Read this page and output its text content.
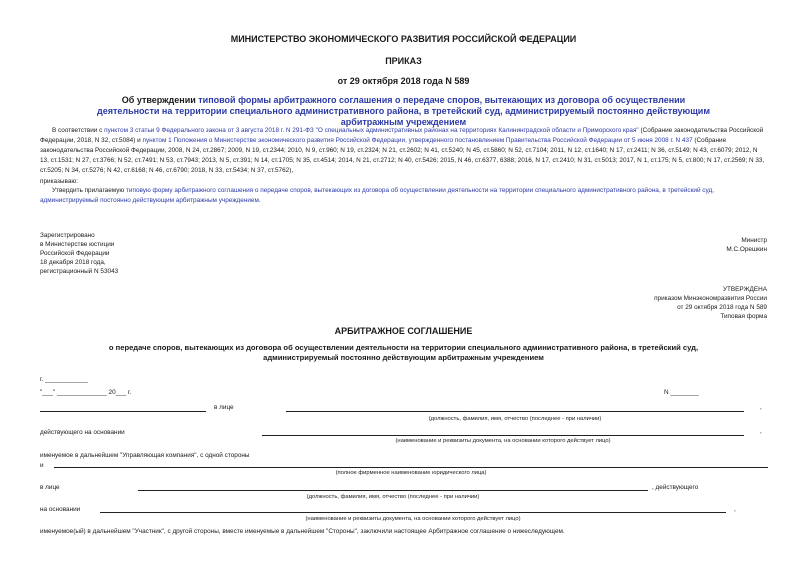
МИНИСТЕРСТВО ЭКОНОМИЧЕСКОГО РАЗВИТИЯ РОССИЙСКОЙ ФЕДЕРАЦИИ
ПРИКАЗ
от 29 октября 2018 года N 589
Об утверждении типовой формы арбитражного соглашения о передаче споров, вытекающих из договора об осуществлении деятельности на территории специального административного района, в третейский суд, администрируемый постоянно действующим арбитражным учреждением
В соответствии с пунктом 3 статьи 9 Федерального закона от 3 августа 2018 г. N 291-ФЗ "О специальных административных районах на территориях Калининградской области и Приморского края" (Собрание законодательства Российской Федерации, 2018, N 32, ст.5084) и пунктом 1 Положения о Министерстве экономического развития Российской Федерации, утвержденного постановлением Правительства Российской Федерации от 5 июня 2008 г. N 437 (Собрание законодательства Российской Федерации, 2008, N 24, ст.2867; 2009, N 19, ст.2344; 2010, N 9, ст.960; N 19, ст.2324; N 21, ст.2602; N 41, ст.5240; N 45, ст.5860; N 52, ст.7104; 2011, N 12, ст.1640; N 17, ст.2411; N 36, ст.5149; N 43, ст.6079; 2012, N 13, ст.1531; N 27, ст.3766; N 52, ст.7491; N 53, ст.7943; 2013, N 5, ст.391; N 14, ст.1705; N 35, ст.4514; 2014, N 21, ст.2712; N 40, ст.5426; 2015, N 46, ст.6377, 6388; 2016, N 17, ст.2410; N 31, ст.5013; 2017, N 1, ст.175; N 5, ст.800; N 17, ст.2569; N 33, ст.5205; N 34, ст.5276; N 42, ст.6168; N 46, ст.6790; 2018, N 33, ст.5434; N 37, ст.5762),
приказываю:
Утвердить прилагаемую типовую форму арбитражного соглашения о передаче споров, вытекающих из договора об осуществлении деятельности на территории специального административного района, в третейский суд, администрируемый постоянно действующим арбитражным учреждением.
Министр
М.С.Орешкин
Зарегистрировано
в Министерстве юстиции
Российской Федерации
18 декабря 2018 года,
регистрационный N 53043
УТВЕРЖДЕНА
приказом Минэкономразвития России
от 29 октября 2018 года N 589
Типовая форма
АРБИТРАЖНОЕ СОГЛАШЕНИЕ
о передаче споров, вытекающих из договора об осуществлении деятельности на территории специального административного района, в третейский суд, администрируемый постоянно действующим арбитражным учреждением
г. ____________
"___" ______________ 20___ г.	N ________
в лице	,
(должность, фамилия, имя, отчество (последнее - при наличии)
действующего на основании	,
(наименование и реквизиты документа, на основании которого действует лицо)
именуемое в дальнейшем "Управляющая компания", с одной стороны
и
(полное фирменное наименование юридического лица)
в лице	, действующего
(должность, фамилия, имя, отчество (последнее - при наличии)
на основании	,
(наименование и реквизиты документа, на основании которого действует лицо)
именуемое(ый) в дальнейшем "Участник", с другой стороны, вместе именуемые в дальнейшем "Стороны", заключили настоящее Арбитражное соглашение о нижеследующем.
